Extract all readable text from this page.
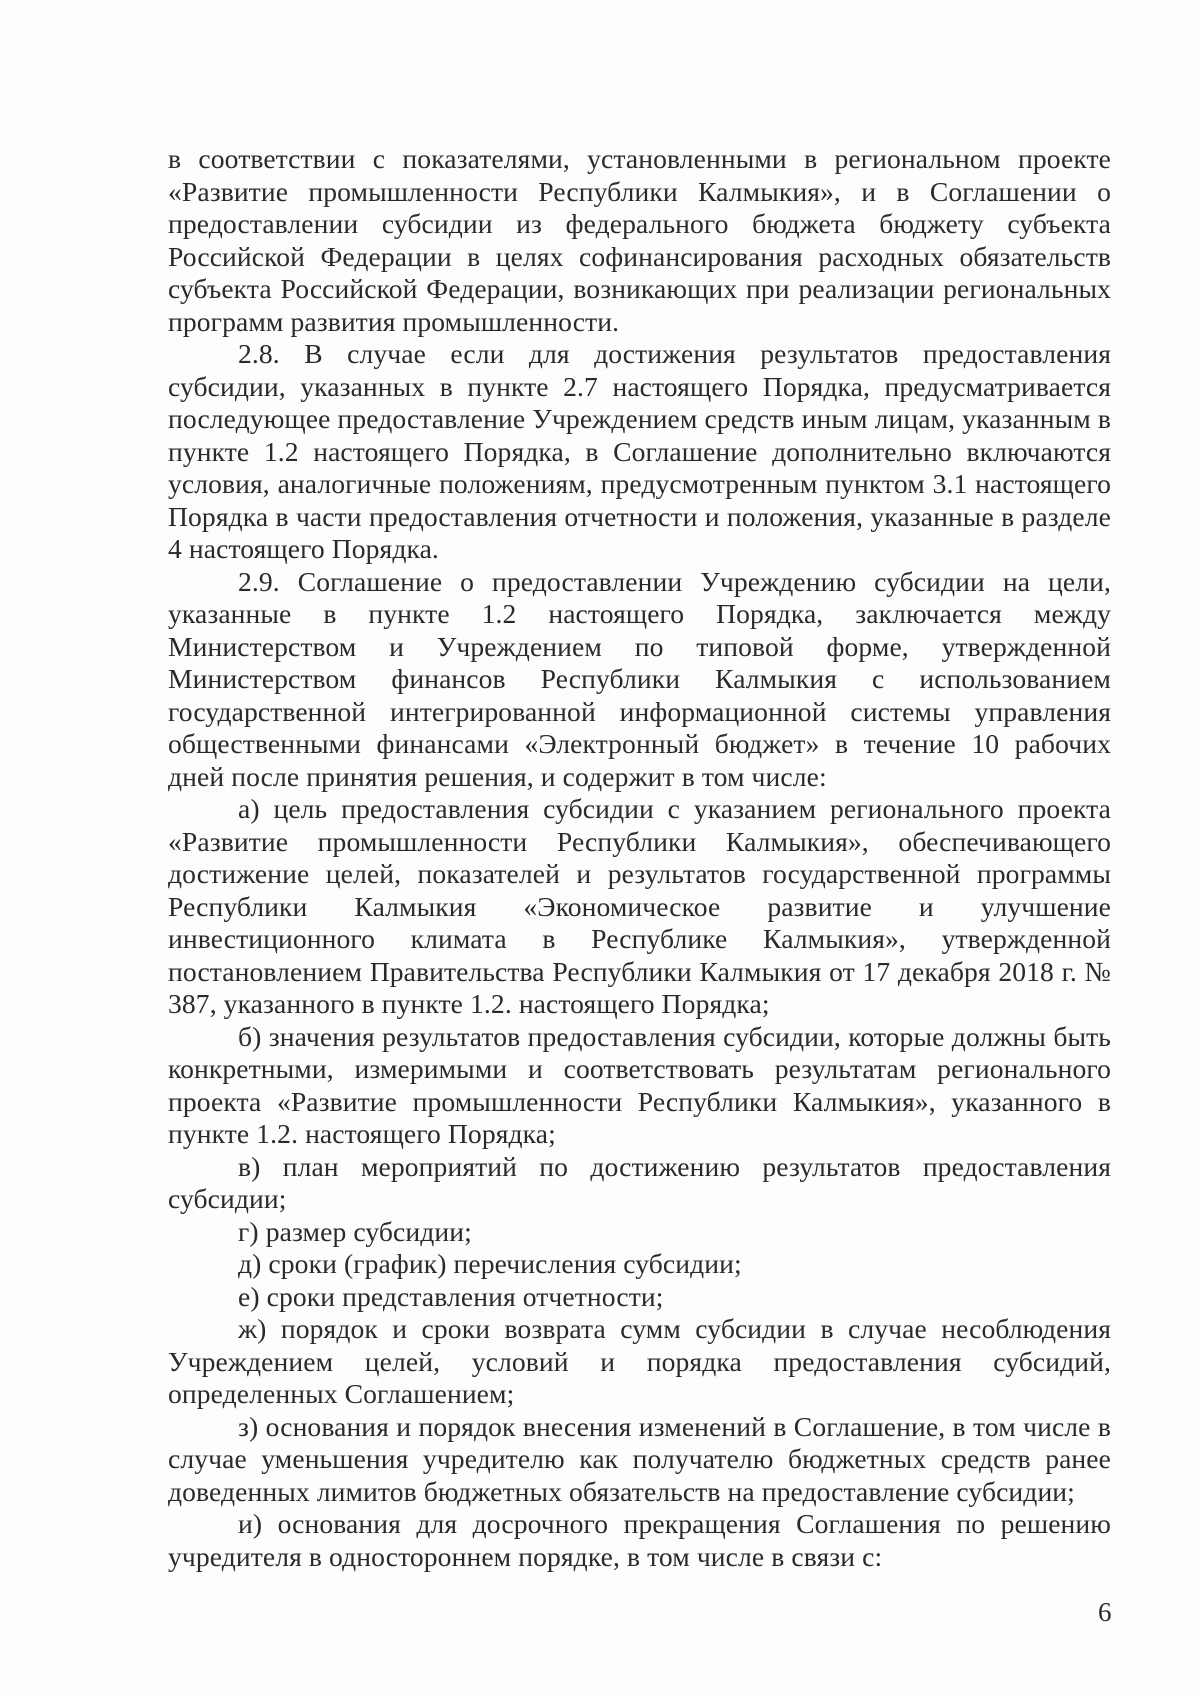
в соответствии с показателями, установленными в региональном проекте «Развитие промышленности Республики Калмыкия», и в Соглашении о предоставлении субсидии из федерального бюджета бюджету субъекта Российской Федерации в целях софинансирования расходных обязательств субъекта Российской Федерации, возникающих при реализации региональных программ развития промышленности.

2.8. В случае если для достижения результатов предоставления субсидии, указанных в пункте 2.7 настоящего Порядка, предусматривается последующее предоставление Учреждением средств иным лицам, указанным в пункте 1.2 настоящего Порядка, в Соглашение дополнительно включаются условия, аналогичные положениям, предусмотренным пунктом 3.1 настоящего Порядка в части предоставления отчетности и положения, указанные в разделе 4 настоящего Порядка.

2.9. Соглашение о предоставлении Учреждению субсидии на цели, указанные в пункте 1.2 настоящего Порядка, заключается между Министерством и Учреждением по типовой форме, утвержденной Министерством финансов Республики Калмыкия с использованием государственной интегрированной информационной системы управления общественными финансами «Электронный бюджет» в течение 10 рабочих дней после принятия решения, и содержит в том числе:

а) цель предоставления субсидии с указанием регионального проекта «Развитие промышленности Республики Калмыкия», обеспечивающего достижение целей, показателей и результатов государственной программы Республики Калмыкия «Экономическое развитие и улучшение инвестиционного климата в Республике Калмыкия», утвержденной постановлением Правительства Республики Калмыкия от 17 декабря 2018 г. № 387, указанного в пункте 1.2. настоящего Порядка;

б) значения результатов предоставления субсидии, которые должны быть конкретными, измеримыми и соответствовать результатам регионального проекта «Развитие промышленности Республики Калмыкия», указанного в пункте 1.2. настоящего Порядка;

в) план мероприятий по достижению результатов предоставления субсидии;

г) размер субсидии;

д) сроки (график) перечисления субсидии;

е) сроки представления отчетности;

ж) порядок и сроки возврата сумм субсидии в случае несоблюдения Учреждением целей, условий и порядка предоставления субсидий, определенных Соглашением;

з) основания и порядок внесения изменений в Соглашение, в том числе в случае уменьшения учредителю как получателю бюджетных средств ранее доведенных лимитов бюджетных обязательств на предоставление субсидии;

и) основания для досрочного прекращения Соглашения по решению учредителя в одностороннем порядке, в том числе в связи с:

6
